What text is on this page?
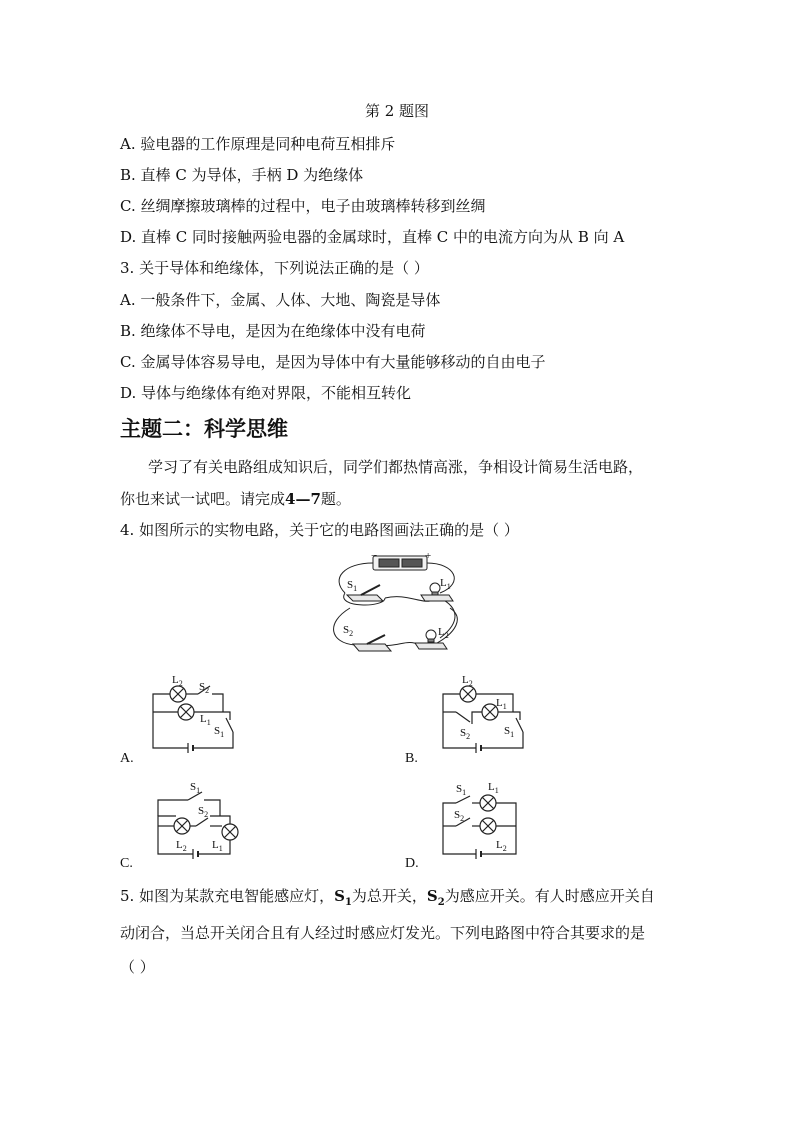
第 2 题图
A. 验电器的工作原理是同种电荷互相排斥
B. 直棒 C 为导体，手柄 D 为绝缘体
C. 丝绸摩擦玻璃棒的过程中，电子由玻璃棒转移到丝绸
D. 直棒 C 同时接触两验电器的金属球时，直棒 C 中的电流方向为从 B 向 A
3. 关于导体和绝缘体，下列说法正确的是（ ）
A. 一般条件下，金属、人体、大地、陶瓷是导体
B. 绝缘体不导电，是因为在绝缘体中没有电荷
C. 金属导体容易导电，是因为导体中有大量能够移动的自由电子
D. 导体与绝缘体有绝对界限，不能相互转化
主题二：科学思维
学习了有关电路组成知识后，同学们都热情高涨，争相设计简易生活电路，
你也来试一试吧。请完成4—7题。
4. 如图所示的实物电路，关于它的电路图画法正确的是（ ）
−	+
$S_1$	$L_1$
$S_2$	$L_2$
$L_2$ $S_2$
$L_1$
$S_1$
A.
$L_2$
$L_1$
$S_2$	$S_1$
B.
$S_1$
$S_2$
$L_2$ $L_1$
C.
$S_1$ $L_1$
$S_2$
$L_2$
D.
5. 如图为某款充电智能感应灯，$S_1$为总开关，$S_2$为感应开关。有人时感应开关自
动闭合，当总开关闭合且有人经过时感应灯发光。下列电路图中符合其要求的是
（ ）
